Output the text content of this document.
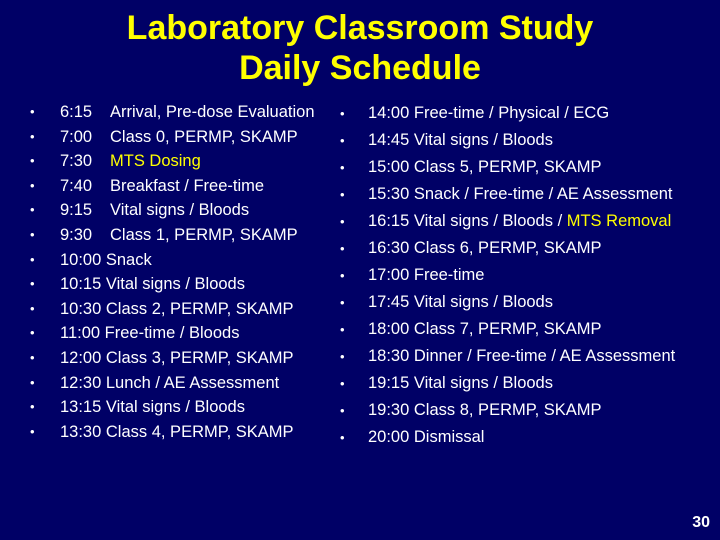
Laboratory Classroom Study
Daily Schedule
• 6:15 Arrival, Pre-dose Evaluation
• 7:00 Class 0, PERMP, SKAMP
• 7:30 MTS Dosing
• 7:40 Breakfast / Free-time
• 9:15 Vital signs / Bloods
• 9:30 Class 1, PERMP, SKAMP
• 10:00 Snack
• 10:15 Vital signs / Bloods
• 10:30 Class 2, PERMP, SKAMP
• 11:00 Free-time / Bloods
• 12:00 Class 3, PERMP, SKAMP
• 12:30 Lunch / AE Assessment
• 13:15 Vital signs / Bloods
• 13:30 Class 4, PERMP, SKAMP
• 14:00 Free-time / Physical / ECG
• 14:45 Vital signs / Bloods
• 15:00 Class 5, PERMP, SKAMP
• 15:30 Snack / Free-time / AE Assessment
• 16:15 Vital signs / Bloods / MTS Removal
• 16:30 Class 6, PERMP, SKAMP
• 17:00 Free-time
• 17:45 Vital signs / Bloods
• 18:00 Class 7, PERMP, SKAMP
• 18:30 Dinner / Free-time / AE Assessment
• 19:15 Vital signs / Bloods
• 19:30 Class 8, PERMP, SKAMP
• 20:00 Dismissal
30
